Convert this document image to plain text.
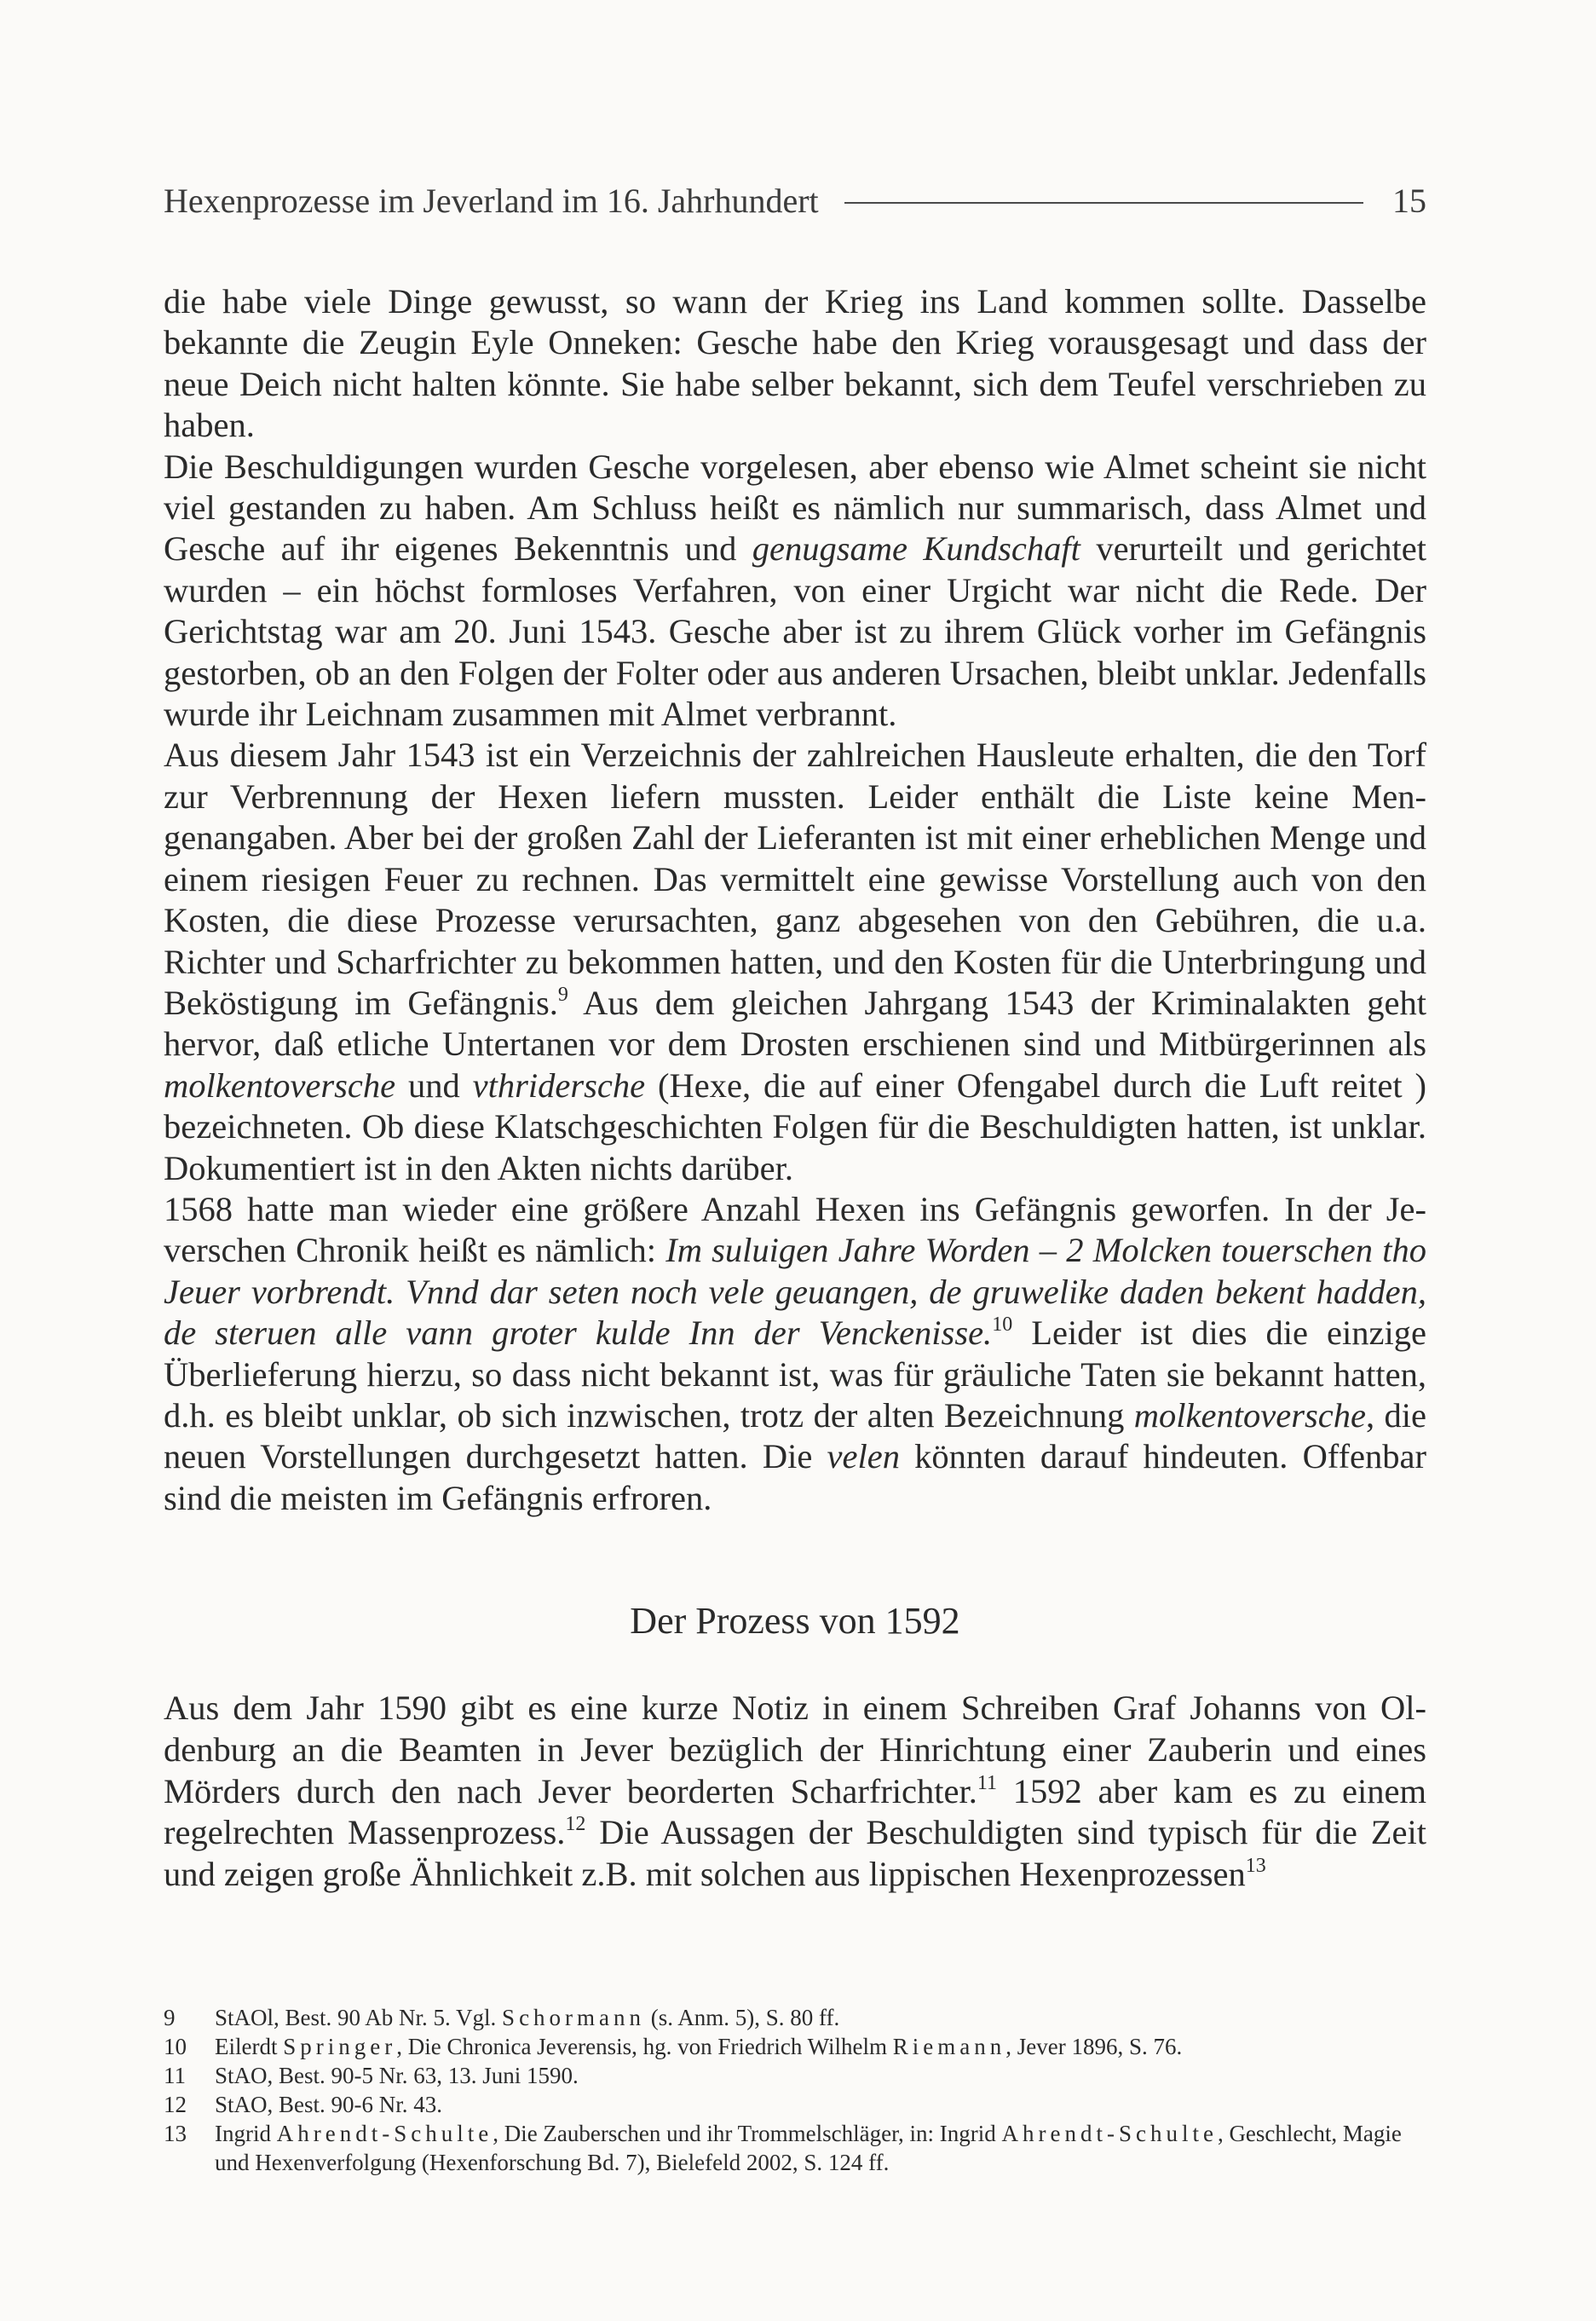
Hexenprozesse im Jeverland im 16. Jahrhundert	15

die habe viele Dinge gewusst, so wann der Krieg ins Land kommen sollte. Dasselbe bekannte die Zeugin Eyle Onneken: Gesche habe den Krieg vorausgesagt und dass der neue Deich nicht halten könnte. Sie habe selber bekannt, sich dem Teufel verschrieben zu haben.

Die Beschuldigungen wurden Gesche vorgelesen, aber ebenso wie Almet scheint sie nicht viel gestanden zu haben. Am Schluss heißt es nämlich nur summarisch, dass Almet und Gesche auf ihr eigenes Bekenntnis und genugsame Kundschaft verurteilt und gerichtet wurden – ein höchst formloses Verfahren, von einer Urgicht war nicht die Rede. Der Gerichtstag war am 20. Juni 1543. Gesche aber ist zu ihrem Glück vorher im Gefängnis gestorben, ob an den Folgen der Folter oder aus anderen Ursachen, bleibt unklar. Jedenfalls wurde ihr Leichnam zusammen mit Almet verbrannt.

Aus diesem Jahr 1543 ist ein Verzeichnis der zahlreichen Hausleute erhalten, die den Torf zur Verbrennung der Hexen liefern mussten. Leider enthält die Liste keine Mengenangaben. Aber bei der großen Zahl der Lieferanten ist mit einer erheblichen Menge und einem riesigen Feuer zu rechnen. Das vermittelt eine gewisse Vorstellung auch von den Kosten, die diese Prozesse verursachten, ganz abgesehen von den Gebühren, die u.a. Richter und Scharfrichter zu bekommen hatten, und den Kosten für die Unterbringung und Beköstigung im Gefängnis.$^9$ Aus dem gleichen Jahrgang 1543 der Kriminalakten geht hervor, daß etliche Untertanen vor dem Drosten erschienen sind und Mitbürgerinnen als molkentoversche und vthridersche (Hexe, die auf einer Ofengabel durch die Luft reitet ) bezeichneten. Ob diese Klatschgeschichten Folgen für die Beschuldigten hatten, ist unklar. Dokumentiert ist in den Akten nichts darüber.

1568 hatte man wieder eine größere Anzahl Hexen ins Gefängnis geworfen. In der Jeverschen Chronik heißt es nämlich: Im suluigen Jahre Worden – 2 Molcken touerschen tho Jeuer vorbrendt. Vnnd dar seten noch vele geuangen, de gruwelike daden bekent hadden, de steruen alle vann groter kulde Inn der Venckenisse.$^{10}$ Leider ist dies die einzige Überlieferung hierzu, so dass nicht bekannt ist, was für gräuliche Taten sie bekannt hatten, d.h. es bleibt unklar, ob sich inzwischen, trotz der alten Bezeichnung molkentoversche, die neuen Vorstellungen durchgesetzt hatten. Die velen könnten darauf hindeuten. Offenbar sind die meisten im Gefängnis erfroren.

Der Prozess von 1592

Aus dem Jahr 1590 gibt es eine kurze Notiz in einem Schreiben Graf Johanns von Oldenburg an die Beamten in Jever bezüglich der Hinrichtung einer Zauberin und eines Mörders durch den nach Jever beorderten Scharfrichter.$^{11}$ 1592 aber kam es zu einem regelrechten Massenprozess.$^{12}$ Die Aussagen der Beschuldigten sind typisch für die Zeit und zeigen große Ähnlichkeit z.B. mit solchen aus lippischen Hexenprozessen$^{13}$

9	StAOl, Best. 90 Ab Nr. 5. Vgl. Schormann (s. Anm. 5), S. 80 ff.
10	Eilerdt Springer, Die Chronica Jeverensis, hg. von Friedrich Wilhelm Riemann, Jever 1896, S. 76.
11	StAO, Best. 90-5 Nr. 63, 13. Juni 1590.
12	StAO, Best. 90-6 Nr. 43.
13	Ingrid Ahrendt-Schulte, Die Zauberschen und ihr Trommelschläger, in: Ingrid Ahrendt-Schulte, Geschlecht, Magie und Hexenverfolgung (Hexenforschung Bd. 7), Bielefeld 2002, S. 124 ff.
